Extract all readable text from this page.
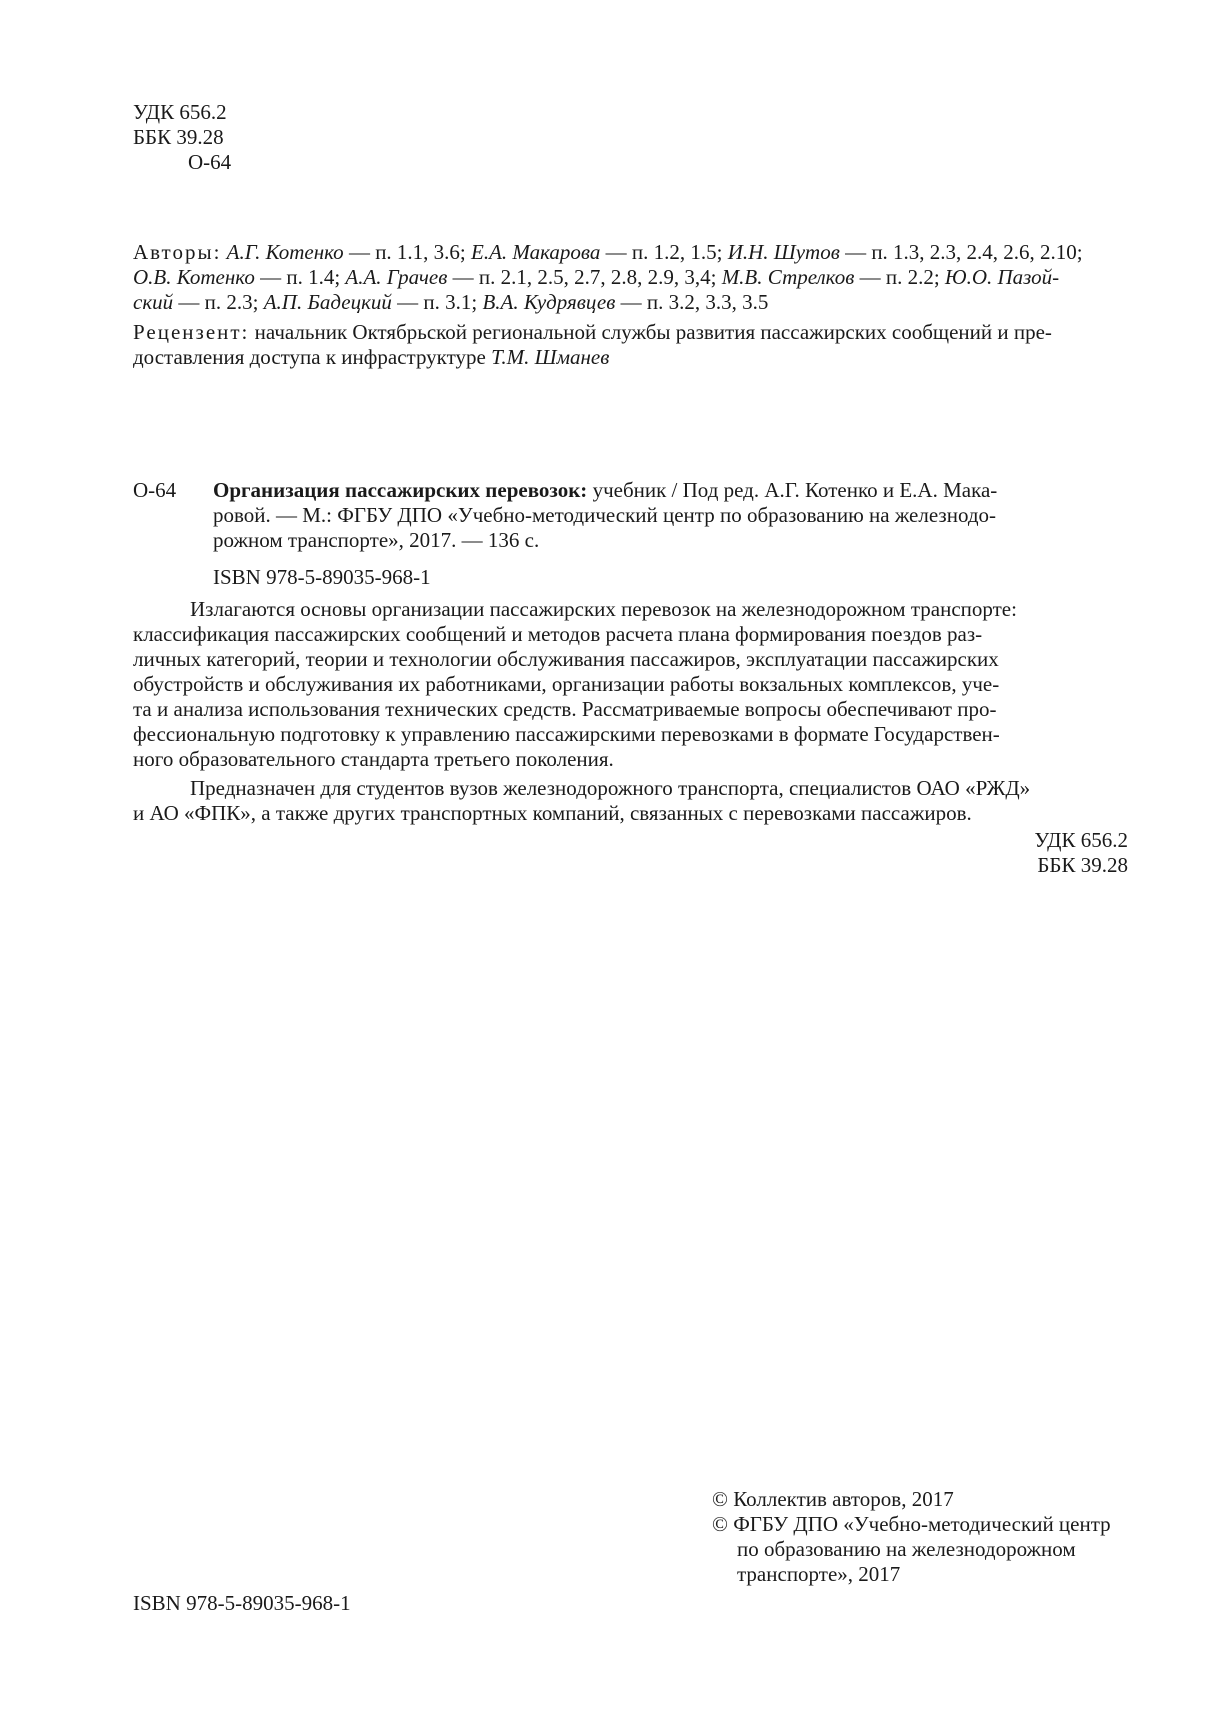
УДК 656.2
ББК 39.28
О-64
Авторы: А.Г. Котенко — п. 1.1, 3.6; Е.А. Макарова — п. 1.2, 1.5; И.Н. Шутов — п. 1.3, 2.3, 2.4, 2.6, 2.10;
О.В. Котенко — п. 1.4; А.А. Грачев — п. 2.1, 2.5, 2.7, 2.8, 2.9, 3,4; М.В. Стрелков — п. 2.2; Ю.О. Пазой-
ский — п. 2.3; А.П. Бадецкий — п. 3.1; В.А. Кудрявцев — п. 3.2, 3.3, 3.5
Рецензент: начальник Октябрьской региональной службы развития пассажирских сообщений и пре-
доставления доступа к инфраструктуре Т.М. Шманев
О-64 Организация пассажирских перевозок: учебник / Под ред. А.Г. Котенко и Е.А. Мака-
ровой. — М.: ФГБУ ДПО «Учебно-методический центр по образованию на железнодо-
рожном транспорте», 2017. — 136 с.
ISBN 978-5-89035-968-1
Излагаются основы организации пассажирских перевозок на железнодорожном транспорте:
классификация пассажирских сообщений и методов расчета плана формирования поездов раз-
личных категорий, теории и технологии обслуживания пассажиров, эксплуатации пассажирских
обустройств и обслуживания их работниками, организации работы вокзальных комплексов, уче-
та и анализа использования технических средств. Рассматриваемые вопросы обеспечивают про-
фессиональную подготовку к управлению пассажирскими перевозками в формате Государствен-
ного образовательного стандарта третьего поколения.
Предназначен для студентов вузов железнодорожного транспорта, специалистов ОАО «РЖД»
и АО «ФПК», а также других транспортных компаний, связанных с перевозками пассажиров.
УДК 656.2
ББК 39.28
ISBN 978-5-89035-968-1
© Коллектив авторов, 2017
© ФГБУ ДПО «Учебно-методический центр
по образованию на железнодорожном
транспорте», 2017
